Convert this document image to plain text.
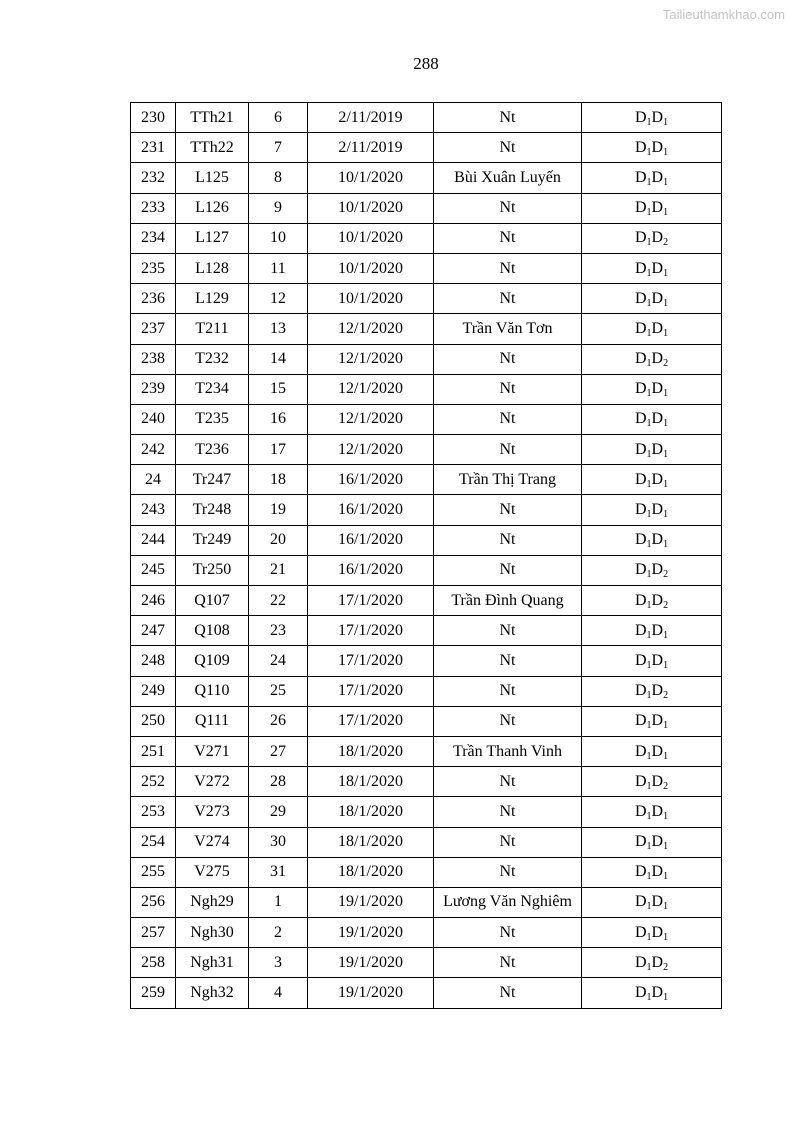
Tailieuthamkhao.com
288
230	TTh21	6	2/11/2019	Nt	$D_1D_1$
231	TTh22	7	2/11/2019	Nt	$D_1D_1$
232	L125	8	10/1/2020	Bùi Xuân Luyến	$D_1D_1$
233	L126	9	10/1/2020	Nt	$D_1D_1$
234	L127	10	10/1/2020	Nt	$D_1D_2$
235	L128	11	10/1/2020	Nt	$D_1D_1$
236	L129	12	10/1/2020	Nt	$D_1D_1$
237	T211	13	12/1/2020	Trần Văn Tơn	$D_1D_1$
238	T232	14	12/1/2020	Nt	$D_1D_2$
239	T234	15	12/1/2020	Nt	$D_1D_1$
240	T235	16	12/1/2020	Nt	$D_1D_1$
242	T236	17	12/1/2020	Nt	$D_1D_1$
24	Tr247	18	16/1/2020	Trần Thị Trang	$D_1D_1$
243	Tr248	19	16/1/2020	Nt	$D_1D_1$
244	Tr249	20	16/1/2020	Nt	$D_1D_1$
245	Tr250	21	16/1/2020	Nt	$D_1D_2$
246	Q107	22	17/1/2020	Trần Đình Quang	$D_1D_2$
247	Q108	23	17/1/2020	Nt	$D_1D_1$
248	Q109	24	17/1/2020	Nt	$D_1D_1$
249	Q110	25	17/1/2020	Nt	$D_1D_2$
250	Q111	26	17/1/2020	Nt	$D_1D_1$
251	V271	27	18/1/2020	Trần Thanh Vinh	$D_1D_1$
252	V272	28	18/1/2020	Nt	$D_1D_2$
253	V273	29	18/1/2020	Nt	$D_1D_1$
254	V274	30	18/1/2020	Nt	$D_1D_1$
255	V275	31	18/1/2020	Nt	$D_1D_1$
256	Ngh29	1	19/1/2020	Lương Văn Nghiêm	$D_1D_1$
257	Ngh30	2	19/1/2020	Nt	$D_1D_1$
258	Ngh31	3	19/1/2020	Nt	$D_1D_2$
259	Ngh32	4	19/1/2020	Nt	$D_1D_1$
